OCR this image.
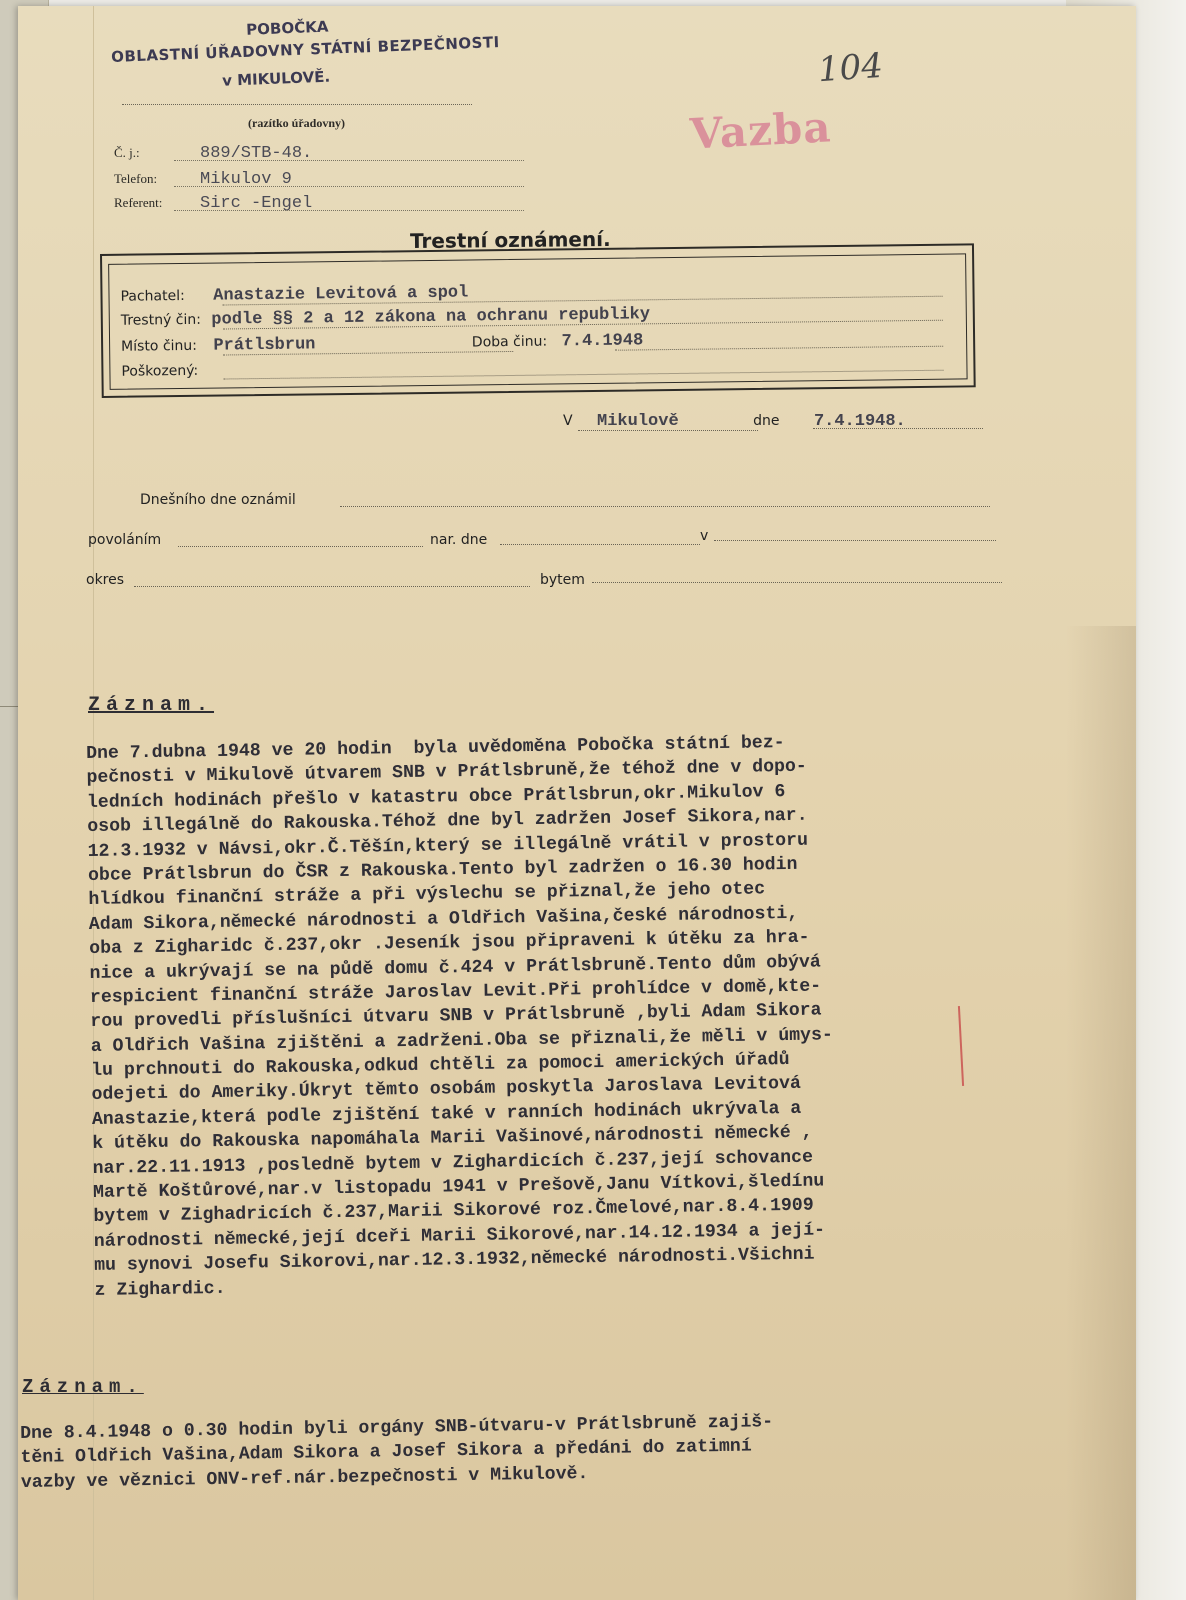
POBOČKA
OBLASTNÍ ÚŘADOVNY STÁTNÍ BEZPEČNOSTI
v MIKULOVĚ.
(razítko úřadovny)
104
Vazba
Č. j.:	889/STB-48.
Telefon:	Mikulov 9
Referent: Sirc -Engel
Trestní oznámení.
Pachatel: Anastazie Levitová a spol
Trestný čin: podle §§ 2 a 12 zákona na ochranu republiky
Místo činu: Prátlsbrun	Doba činu: 7.4.1948
Poškozený:
V Mikulově	dne 7.4.1948.
Dnešního dne oznámil
povoláním	nar. dne	v
okres	bytem
Záznam.
Dne 7.dubna 1948 ve 20 hodin  byla uvědoměna Pobočka státní bez-
pečnosti v Mikulově útvarem SNB v Prátlsbruně,že téhož dne v dopo-
ledních hodinách přešlo v katastru obce Prátlsbrun,okr.Mikulov 6
osob illegálně do Rakouska.Téhož dne byl zadržen Josef Sikora,nar.
12.3.1932 v Návsi,okr.Č.Těšín,který se illegálně vrátil v prostoru
obce Prátlsbrun do ČSR z Rakouska.Tento byl zadržen o 16.30 hodin
hlídkou finanční stráže a při výslechu se přiznal,že jeho otec
Adam Sikora,německé národnosti a Oldřich Vašina,české národnosti,
oba z Zigharidc č.237,okr .Jeseník jsou připraveni k útěku za hra-
nice a ukrývají se na půdě domu č.424 v Prátlsbruně.Tento dům obývá
respicient finanční stráže Jaroslav Levit.Při prohlídce v domě,kte-
rou provedli příslušníci útvaru SNB v Prátlsbruně ,byli Adam Sikora
a Oldřich Vašina zjištěni a zadrženi.Oba se přiznali,že měli v úmys-
lu prchnouti do Rakouska,odkud chtěli za pomoci amerických úřadů
odejeti do Ameriky.Úkryt těmto osobám poskytla Jaroslava Levitová
Anastazie,která podle zjištění také v ranních hodinách ukrývala a
k útěku do Rakouska napomáhala Marii Vašinové,národnosti německé ,
nar.22.11.1913 ,posledně bytem v Zighardicích č.237,její schovance
Martě Koštůrové,nar.v listopadu 1941 v Prešově,Janu Vítkovi,šledínu
bytem v Zighadricích č.237,Marii Sikorové roz.Čmelové,nar.8.4.1909
národnosti německé,její dceři Marii Sikorové,nar.14.12.1934 a její-
mu synovi Josefu Sikorovi,nar.12.3.1932,německé národnosti.Všichni
z Zighardic.
Záznam.
Dne 8.4.1948 o 0.30 hodin byli orgány SNB-útvaru-v Prátlsbruně zajiš-
těni Oldřich Vašina,Adam Sikora a Josef Sikora a předáni do zatimní
vazby ve věznici ONV-ref.nár.bezpečnosti v Mikulově.
